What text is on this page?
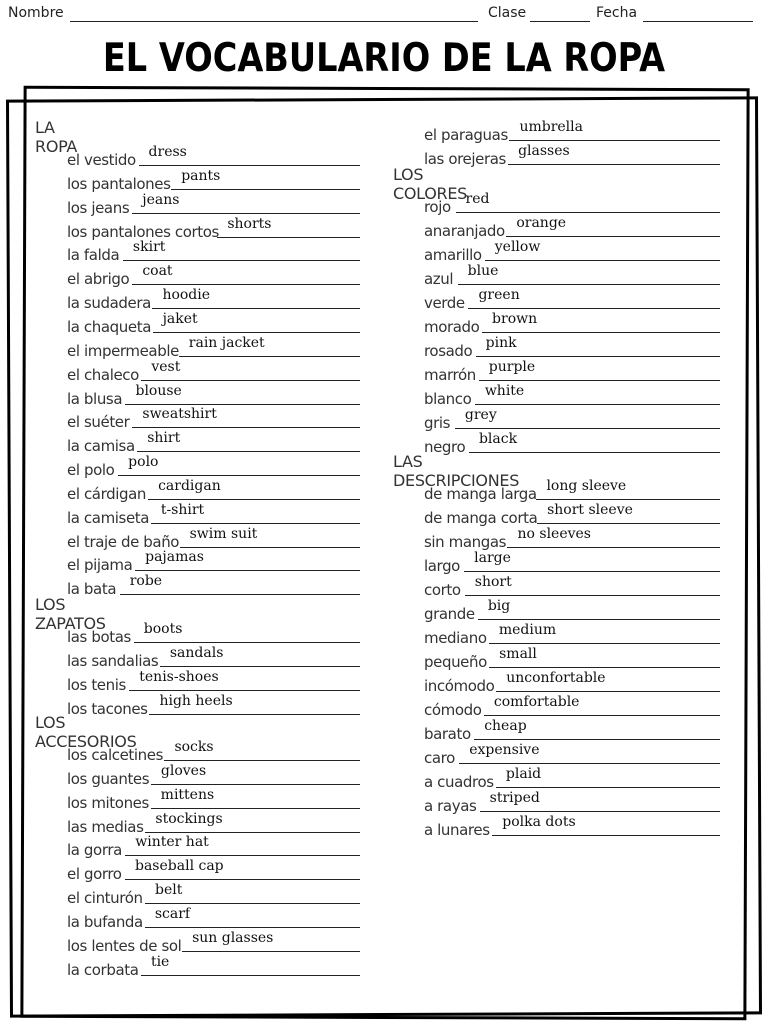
Nombre	Clase	Fecha
EL VOCABULARIO DE LA ROPA
LA ROPA
el vestido dress
los pantalones pants
los jeans jeans
los pantalones cortos shorts
la falda skirt
el abrigo coat
la sudadera hoodie
la chaqueta jaket
el impermeable rain jacket
el chaleco vest
la blusa blouse
el suéter sweatshirt
la camisa shirt
el polo polo
el cárdigan cardigan
la camiseta t-shirt
el traje de baño swim suit
el pijama pajamas
la bata robe
LOS ZAPATOS
las botas boots
las sandalias sandals
los tenis tenis-shoes
los tacones high heels
LOS ACCESORIOS
los calcetines socks
los guantes gloves
los mitones mittens
las medias stockings
la gorra winter hat
el gorro baseball cap
el cinturón belt
la bufanda scarf
los lentes de sol sun glasses
la corbata tie
el paraguas umbrella
las orejeras glasses
LOS COLORES
rojo red
anaranjado orange
amarillo yellow
azul blue
verde green
morado brown
rosado pink
marrón purple
blanco white
gris grey
negro black
LAS DESCRIPCIONES
de manga larga long sleeve
de manga corta short sleeve
sin mangas no sleeves
largo large
corto short
grande big
mediano medium
pequeño small
incómodo unconfortable
cómodo comfortable
barato cheap
caro expensive
a cuadros plaid
a rayas striped
a lunares polka dots
